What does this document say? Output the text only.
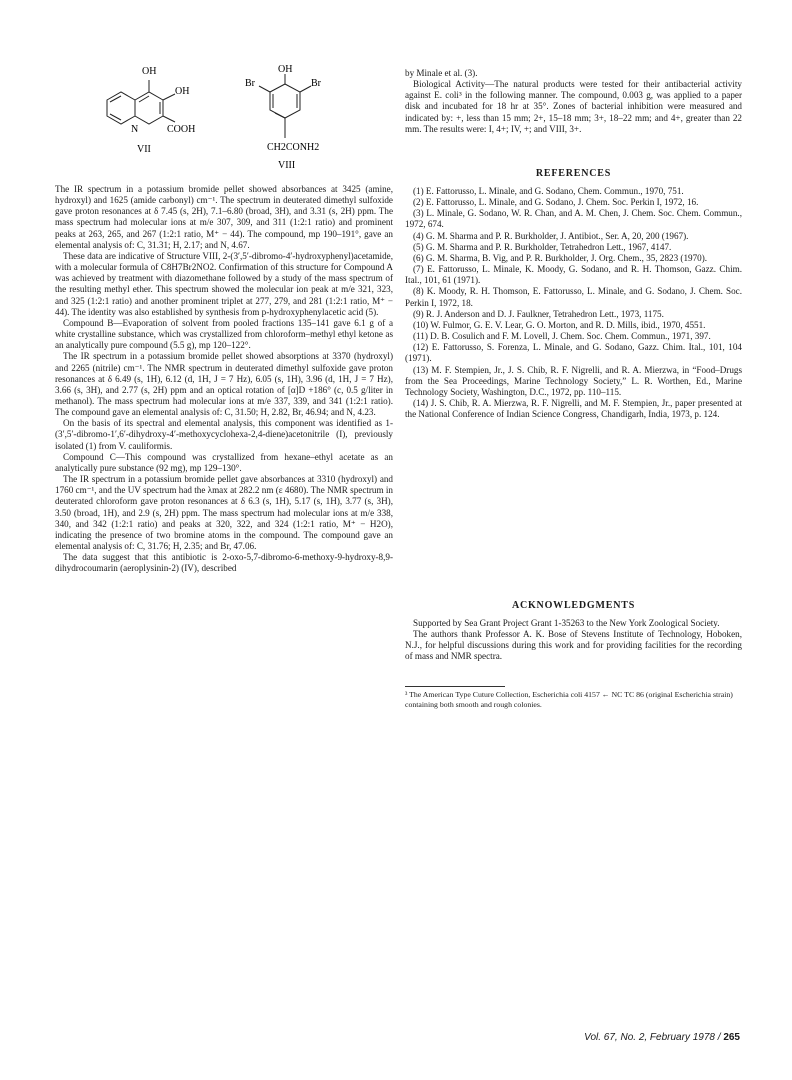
OH
OH
N	COOH
VII
OH
Br	Br
CH2CONH2
VIII

The IR spectrum in a potassium bromide pellet showed absorbances at 3425 (amine, hydroxyl) and 1625 (amide carbonyl) cm⁻¹. The spectrum in deuterated dimethyl sulfoxide gave proton resonances at δ 7.45 (s, 2H), 7.1–6.80 (broad, 3H), and 3.31 (s, 2H) ppm. The mass spectrum had molecular ions at m/e 307, 309, and 311 (1:2:1 ratio) and prominent peaks at 263, 265, and 267 (1:2:1 ratio, M⁺ − 44). The compound, mp 190–191°, gave an elemental analysis of: C, 31.31; H, 2.17; and N, 4.67.

These data are indicative of Structure VIII, 2-(3′,5′-dibromo-4′-hydroxyphenyl)acetamide, with a molecular formula of C8H7Br2NO2. Confirmation of this structure for Compound A was achieved by treatment with diazomethane followed by a study of the mass spectrum of the resulting methyl ether. This spectrum showed the molecular ion peak at m/e 321, 323, and 325 (1:2:1 ratio) and another prominent triplet at 277, 279, and 281 (1:2:1 ratio, M⁺ − 44). The identity was also established by synthesis from p-hydroxyphenylacetic acid (5).

Compound B—Evaporation of solvent from pooled fractions 135–141 gave 6.1 g of a white crystalline substance, which was crystallized from chloroform–methyl ethyl ketone as an analytically pure compound (5.5 g), mp 120–122°.

The IR spectrum in a potassium bromide pellet showed absorptions at 3370 (hydroxyl) and 2265 (nitrile) cm⁻¹. The NMR spectrum in deuterated dimethyl sulfoxide gave proton resonances at δ 6.49 (s, 1H), 6.12 (d, 1H, J = 7 Hz), 6.05 (s, 1H), 3.96 (d, 1H, J = 7 Hz), 3.66 (s, 3H), and 2.77 (s, 2H) ppm and an optical rotation of [α]D +186° (c, 0.5 g/liter in methanol). The mass spectrum had molecular ions at m/e 337, 339, and 341 (1:2:1 ratio). The compound gave an elemental analysis of: C, 31.50; H, 2.82, Br, 46.94; and N, 4.23.

On the basis of its spectral and elemental analysis, this component was identified as 1-(3′,5′-dibromo-1′,6′-dihydroxy-4′-methoxycyclohexa-2,4-diene)acetonitrile (I), previously isolated (1) from V. cauliformis.

Compound C—This compound was crystallized from hexane–ethyl acetate as an analytically pure substance (92 mg), mp 129–130°.

The IR spectrum in a potassium bromide pellet gave absorbances at 3310 (hydroxyl) and 1760 cm⁻¹, and the UV spectrum had the λmax at 282.2 nm (ε 4680). The NMR spectrum in deuterated chloroform gave proton resonances at δ 6.3 (s, 1H), 5.17 (s, 1H), 3.77 (s, 3H), 3.50 (broad, 1H), and 2.9 (s, 2H) ppm. The mass spectrum had molecular ions at m/e 338, 340, and 342 (1:2:1 ratio) and peaks at 320, 322, and 324 (1:2:1 ratio, M⁺ − H2O), indicating the presence of two bromine atoms in the compound. The compound gave an elemental analysis of: C, 31.76; H, 2.35; and Br, 47.06.

The data suggest that this antibiotic is 2-oxo-5,7-dibromo-6-methoxy-9-hydroxy-8,9-dihydrocoumarin (aeroplysinin-2) (IV), described

by Minale et al. (3).

Biological Activity—The natural products were tested for their antibacterial activity against E. coli³ in the following manner. The compound, 0.003 g, was applied to a paper disk and incubated for 18 hr at 35°. Zones of bacterial inhibition were measured and indicated by: +, less than 15 mm; 2+, 15–18 mm; 3+, 18–22 mm; and 4+, greater than 22 mm. The results were: I, 4+; IV, +; and VIII, 3+.

REFERENCES

(1) E. Fattorusso, L. Minale, and G. Sodano, Chem. Commun., 1970, 751.

(2) E. Fattorusso, L. Minale, and G. Sodano, J. Chem. Soc. Perkin I, 1972, 16.

(3) L. Minale, G. Sodano, W. R. Chan, and A. M. Chen, J. Chem. Soc. Chem. Commun., 1972, 674.

(4) G. M. Sharma and P. R. Burkholder, J. Antibiot., Ser. A, 20, 200 (1967).

(5) G. M. Sharma and P. R. Burkholder, Tetrahedron Lett., 1967, 4147.

(6) G. M. Sharma, B. Vig, and P. R. Burkholder, J. Org. Chem., 35, 2823 (1970).

(7) E. Fattorusso, L. Minale, K. Moody, G. Sodano, and R. H. Thomson, Gazz. Chim. Ital., 101, 61 (1971).

(8) K. Moody, R. H. Thomson, E. Fattorusso, L. Minale, and G. Sodano, J. Chem. Soc. Perkin I, 1972, 18.

(9) R. J. Anderson and D. J. Faulkner, Tetrahedron Lett., 1973, 1175.

(10) W. Fulmor, G. E. V. Lear, G. O. Morton, and R. D. Mills, ibid., 1970, 4551.

(11) D. B. Cosulich and F. M. Lovell, J. Chem. Soc. Chem. Commun., 1971, 397.

(12) E. Fattorusso, S. Forenza, L. Minale, and G. Sodano, Gazz. Chim. Ital., 101, 104 (1971).

(13) M. F. Stempien, Jr., J. S. Chib, R. F. Nigrelli, and R. A. Mierzwa, in “Food–Drugs from the Sea Proceedings, Marine Technology Society,” L. R. Worthen, Ed., Marine Technology Society, Washington, D.C., 1972, pp. 110–115.

(14) J. S. Chib, R. A. Mierzwa, R. F. Nigrelli, and M. F. Stempien, Jr., paper presented at the National Conference of Indian Science Congress, Chandigarh, India, 1973, p. 124.

ACKNOWLEDGMENTS

Supported by Sea Grant Project Grant 1-35263 to the New York Zoological Society.

The authors thank Professor A. K. Bose of Stevens Institute of Technology, Hoboken, N.J., for helpful discussions during this work and for providing facilities for the recording of mass and NMR spectra.

³ The American Type Cuture Collection, Escherichia coli 4157 ← NC TC 86 (original Escherichia strain) containing both smooth and rough colonies.
Vol. 67, No. 2, February 1978 / 265
